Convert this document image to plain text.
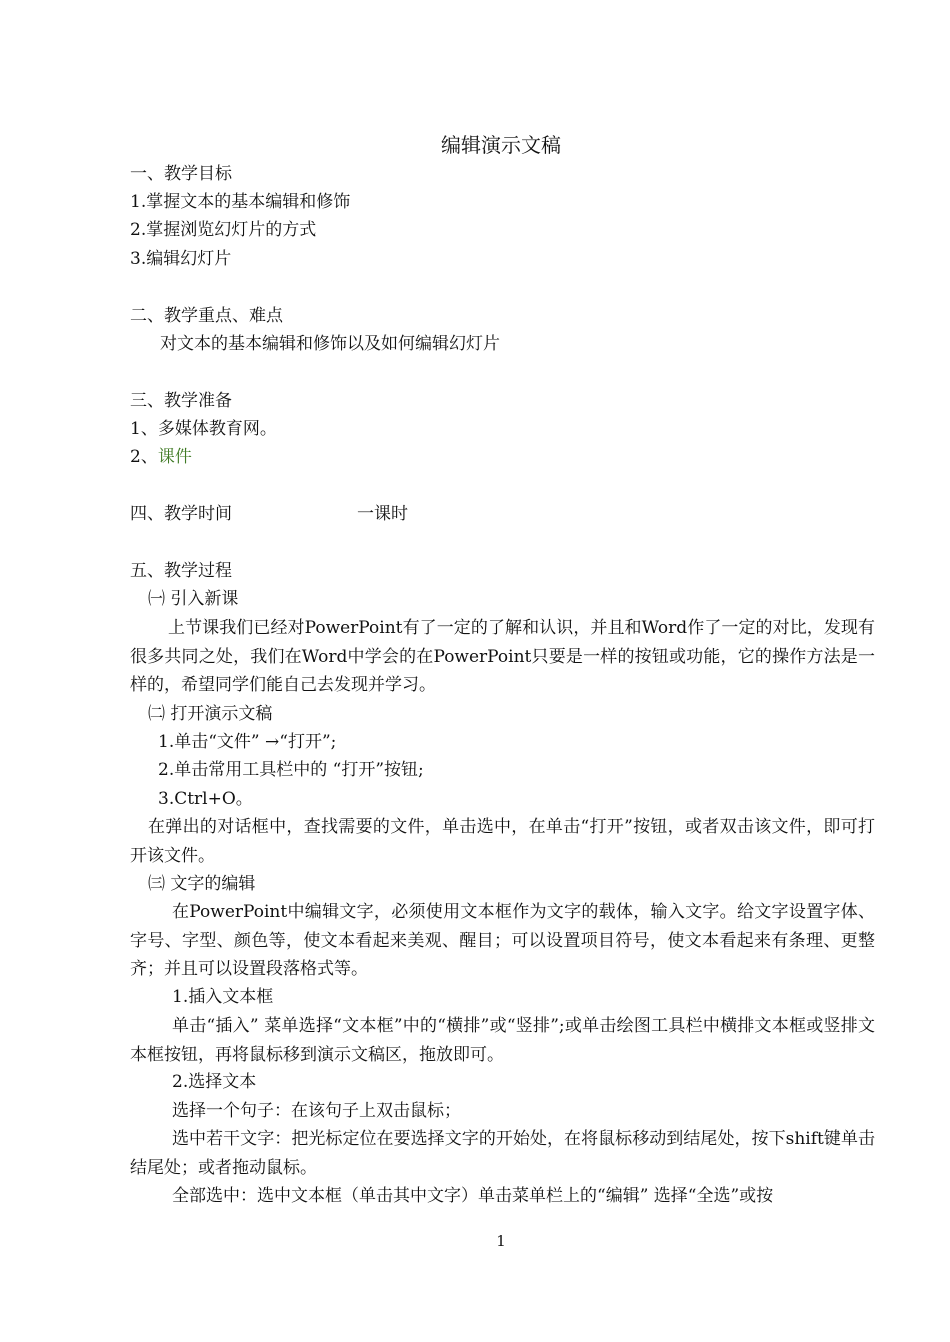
编辑演示文稿
一、教学目标
1.掌握文本的基本编辑和修饰
2.掌握浏览幻灯片的方式
3.编辑幻灯片
二、教学重点、难点
对文本的基本编辑和修饰以及如何编辑幻灯片
三、教学准备
1、多媒体教育网。
2、课件
四、教学时间	一课时
五、教学过程
㈠ 引入新课
上节课我们已经对PowerPoint有了一定的了解和认识，并且和Word作了一定的对比，发现有很多共同之处，我们在Word中学会的在PowerPoint只要是一样的按钮或功能，它的操作方法是一样的，希望同学们能自己去发现并学习。
㈡ 打开演示文稿
1.单击“文件” →“打开”;
2.单击常用工具栏中的 “打开”按钮;
3.Ctrl+O。
在弹出的对话框中，查找需要的文件，单击选中，在单击“打开”按钮，或者双击该文件，即可打开该文件。
㈢ 文字的编辑
在PowerPoint中编辑文字，必须使用文本框作为文字的载体，输入文字。给文字设置字体、字号、字型、颜色等，使文本看起来美观、醒目；可以设置项目符号，使文本看起来有条理、更整齐；并且可以设置段落格式等。
1.插入文本框
单击“插入” 菜单选择“文本框”中的“横排”或“竖排”;或单击绘图工具栏中横排文本框或竖排文本框按钮，再将鼠标移到演示文稿区，拖放即可。
2.选择文本
选择一个句子：在该句子上双击鼠标；
选中若干文字：把光标定位在要选择文字的开始处，在将鼠标移动到结尾处，按下shift键单击结尾处；或者拖动鼠标。
全部选中：选中文本框（单击其中文字）单击菜单栏上的“编辑” 选择“全选”或按
1
